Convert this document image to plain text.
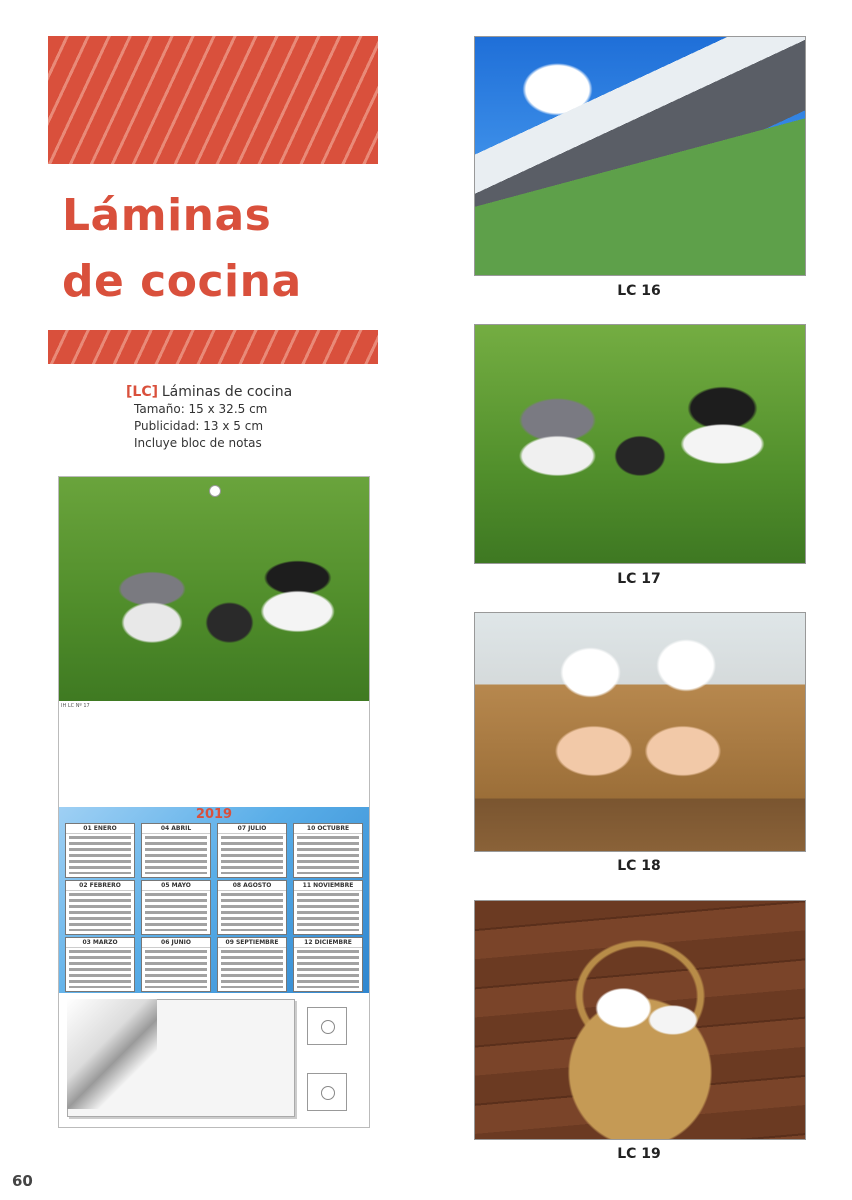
Láminas
de cocina
[LC] Láminas de cocina
Tamaño: 15 x 32.5 cm
Publicidad: 13 x 5 cm
Incluye bloc de notas
IH LC Nº 17
2019
01 ENERO	04 ABRIL	07 JULIO	10 OCTUBRE
02 FEBRERO	05 MAYO	08 AGOSTO	11 NOVIEMBRE
03 MARZO	06 JUNIO	09 SEPTIEMBRE	12 DICIEMBRE
LC 16
LC 17
LC 18
LC 19
60
